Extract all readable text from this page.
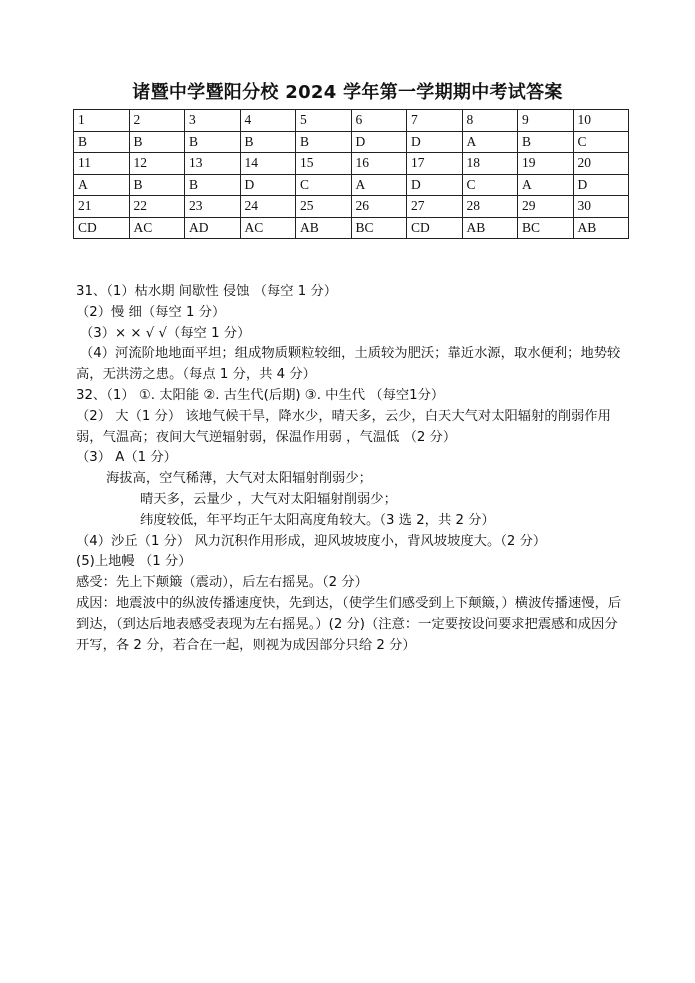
诸暨中学暨阳分校 2024 学年第一学期期中考试答案
1	2	3	4	5	6	7	8	9	10
B	B	B	B	B	D	D	A	B	C
11	12	13	14	15	16	17	18	19	20
A	B	B	D	C	A	D	C	A	D
21	22	23	24	25	26	27	28	29	30
CD	AC	AD	AC	AB	BC	CD	AB	BC	AB
31、（1）枯水期 间歇性 侵蚀 （每空 1 分）
（2）慢 细（每空 1 分）
（3）× × √ √（每空 1 分）
（4）河流阶地地面平坦；组成物质颗粒较细，土质较为肥沃；靠近水源，取水便利；地势较高，无洪涝之患。（每点 1 分，共 4 分）
32、（1） ①. 太阳能 ②. 古生代(后期) ③. 中生代 （每空1分）
（2） 大（1 分） 该地气候干旱，降水少，晴天多，云少，白天大气对太阳辐射的削弱作用弱，气温高；夜间大气逆辐射弱，保温作用弱 ，气温低 （2 分）
（3） A（1 分）
海拔高，空气稀薄，大气对太阳辐射削弱少；
晴天多，云量少 ，大气对太阳辐射削弱少；
纬度较低，年平均正午太阳高度角较大。（3 选 2，共 2 分）
（4）沙丘（1 分） 风力沉积作用形成，迎风坡坡度小，背风坡坡度大。（2 分）
(5)上地幔 （1 分）
感受：先上下颠簸（震动），后左右摇晃。（2 分）
成因：地震波中的纵波传播速度快，先到达，（使学生们感受到上下颠簸，）横波传播速慢，后到达，（到达后地表感受表现为左右摇晃。）(2 分)（注意：一定要按设问要求把震感和成因分开写，各 2 分，若合在一起，则视为成因部分只给 2 分）
